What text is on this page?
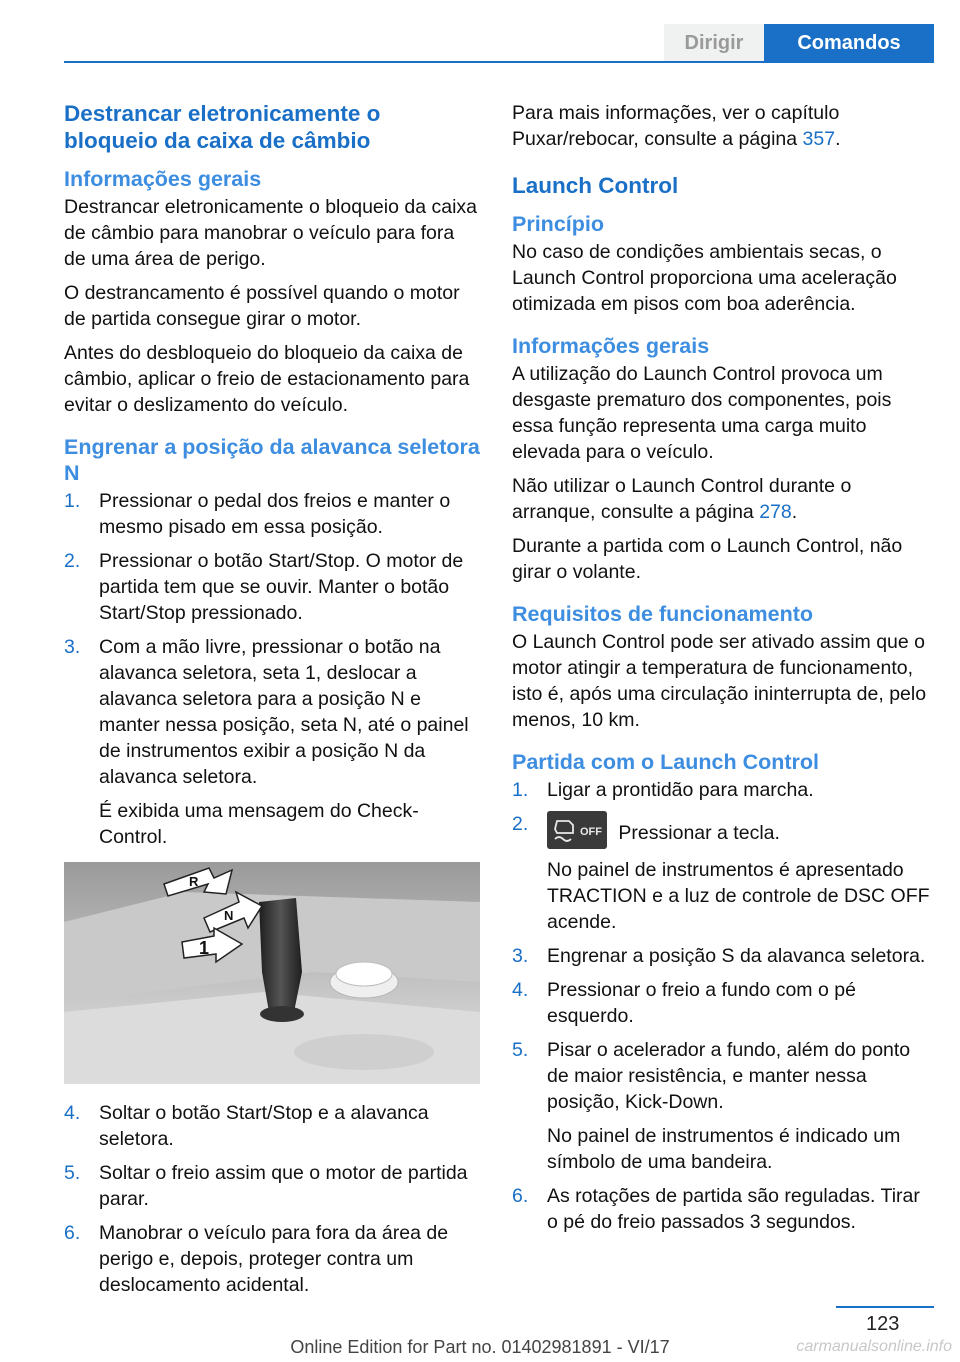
Dirigir	Comandos
Destrancar eletronicamente o bloqueio da caixa de câmbio
Informações gerais

Destrancar eletronicamente o bloqueio da caixa de câmbio para manobrar o veículo para fora de uma área de perigo.

O destrancamento é possível quando o motor de partida consegue girar o motor.

Antes do desbloqueio do bloqueio da caixa de câmbio, aplicar o freio de estacionamento para evitar o deslizamento do veículo.

Engrenar a posição da alavanca seletora N
1. Pressionar o pedal dos freios e manter o mesmo pisado em essa posição.
2. Pressionar o botão Start/Stop. O motor de partida tem que se ouvir. Manter o botão Start/Stop pressionado.
3. Com a mão livre, pressionar o botão na alavanca seletora, seta 1, deslocar a alavanca seletora para a posição N e manter nessa posição, seta N, até o painel de instrumentos exibir a posição N da alavanca seletora.
É exibida uma mensagem do Check-Control.
R
N
1
4. Soltar o botão Start/Stop e a alavanca seletora.
5. Soltar o freio assim que o motor de partida parar.
6. Manobrar o veículo para fora da área de perigo e, depois, proteger contra um deslocamento acidental.

Para mais informações, ver o capítulo Puxar/rebocar, consulte a página 357.

Launch Control
Princípio

No caso de condições ambientais secas, o Launch Control proporciona uma aceleração otimizada em pisos com boa aderência.

Informações gerais

A utilização do Launch Control provoca um desgaste prematuro dos componentes, pois essa função representa uma carga muito elevada para o veículo.

Não utilizar o Launch Control durante o arranque, consulte a página 278.

Durante a partida com o Launch Control, não girar o volante.

Requisitos de funcionamento

O Launch Control pode ser ativado assim que o motor atingir a temperatura de funcionamento, isto é, após uma circulação ininterrupta de, pelo menos, 10 km.

Partida com o Launch Control
1. Ligar a prontidão para marcha.
2.	OFF Pressionar a tecla.
No painel de instrumentos é apresentado TRACTION e a luz de controle de DSC OFF acende.
3. Engrenar a posição S da alavanca seletora.
4. Pressionar o freio a fundo com o pé esquerdo.
5. Pisar o acelerador a fundo, além do ponto de maior resistência, e manter nessa posição, Kick-Down.
No painel de instrumentos é indicado um símbolo de uma bandeira.
6. As rotações de partida são reguladas. Tirar o pé do freio passados 3 segundos.
123
Online Edition for Part no. 01402981891 - VI/17	carmanualsonline.info
